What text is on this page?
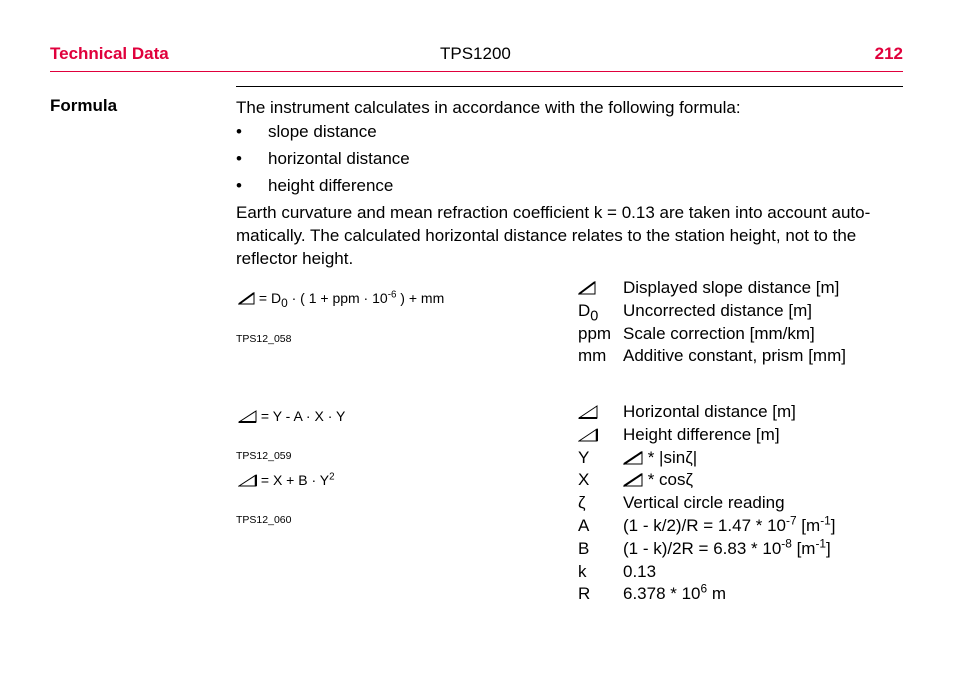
Technical Data	TPS1200	212
Formula	The instrument calculates in accordance with the following formula:
• slope distance
• horizontal distance
• height difference
Earth curvature and mean refraction coefficient k = 0.13 are taken into account auto-matically. The calculated horizontal distance relates to the station height, not to the reflector height.
= $D_0$ · ( 1 + ppm · $10^{-6}$ ) + mm
TPS12_058
Displayed slope distance [m]
$D_0$ Uncorrected distance [m]
ppm Scale correction [mm/km]
mm Additive constant, prism [mm]
= Y - A · X · Y
TPS12_059
= $X + B \cdot Y^2$
TPS12_060
Horizontal distance [m]
Height difference [m]
Y	* |sinζ|
X	* cosζ
ζ Vertical circle reading
A $(1 - k/2)/R = 1.47 * 10^{-7}$ $[m^{-1}]$
B $(1 - k)/2R = 6.83 * 10^{-8}$ $[m^{-1}]$
k 0.13
R $6.378 * 10^6$ m
